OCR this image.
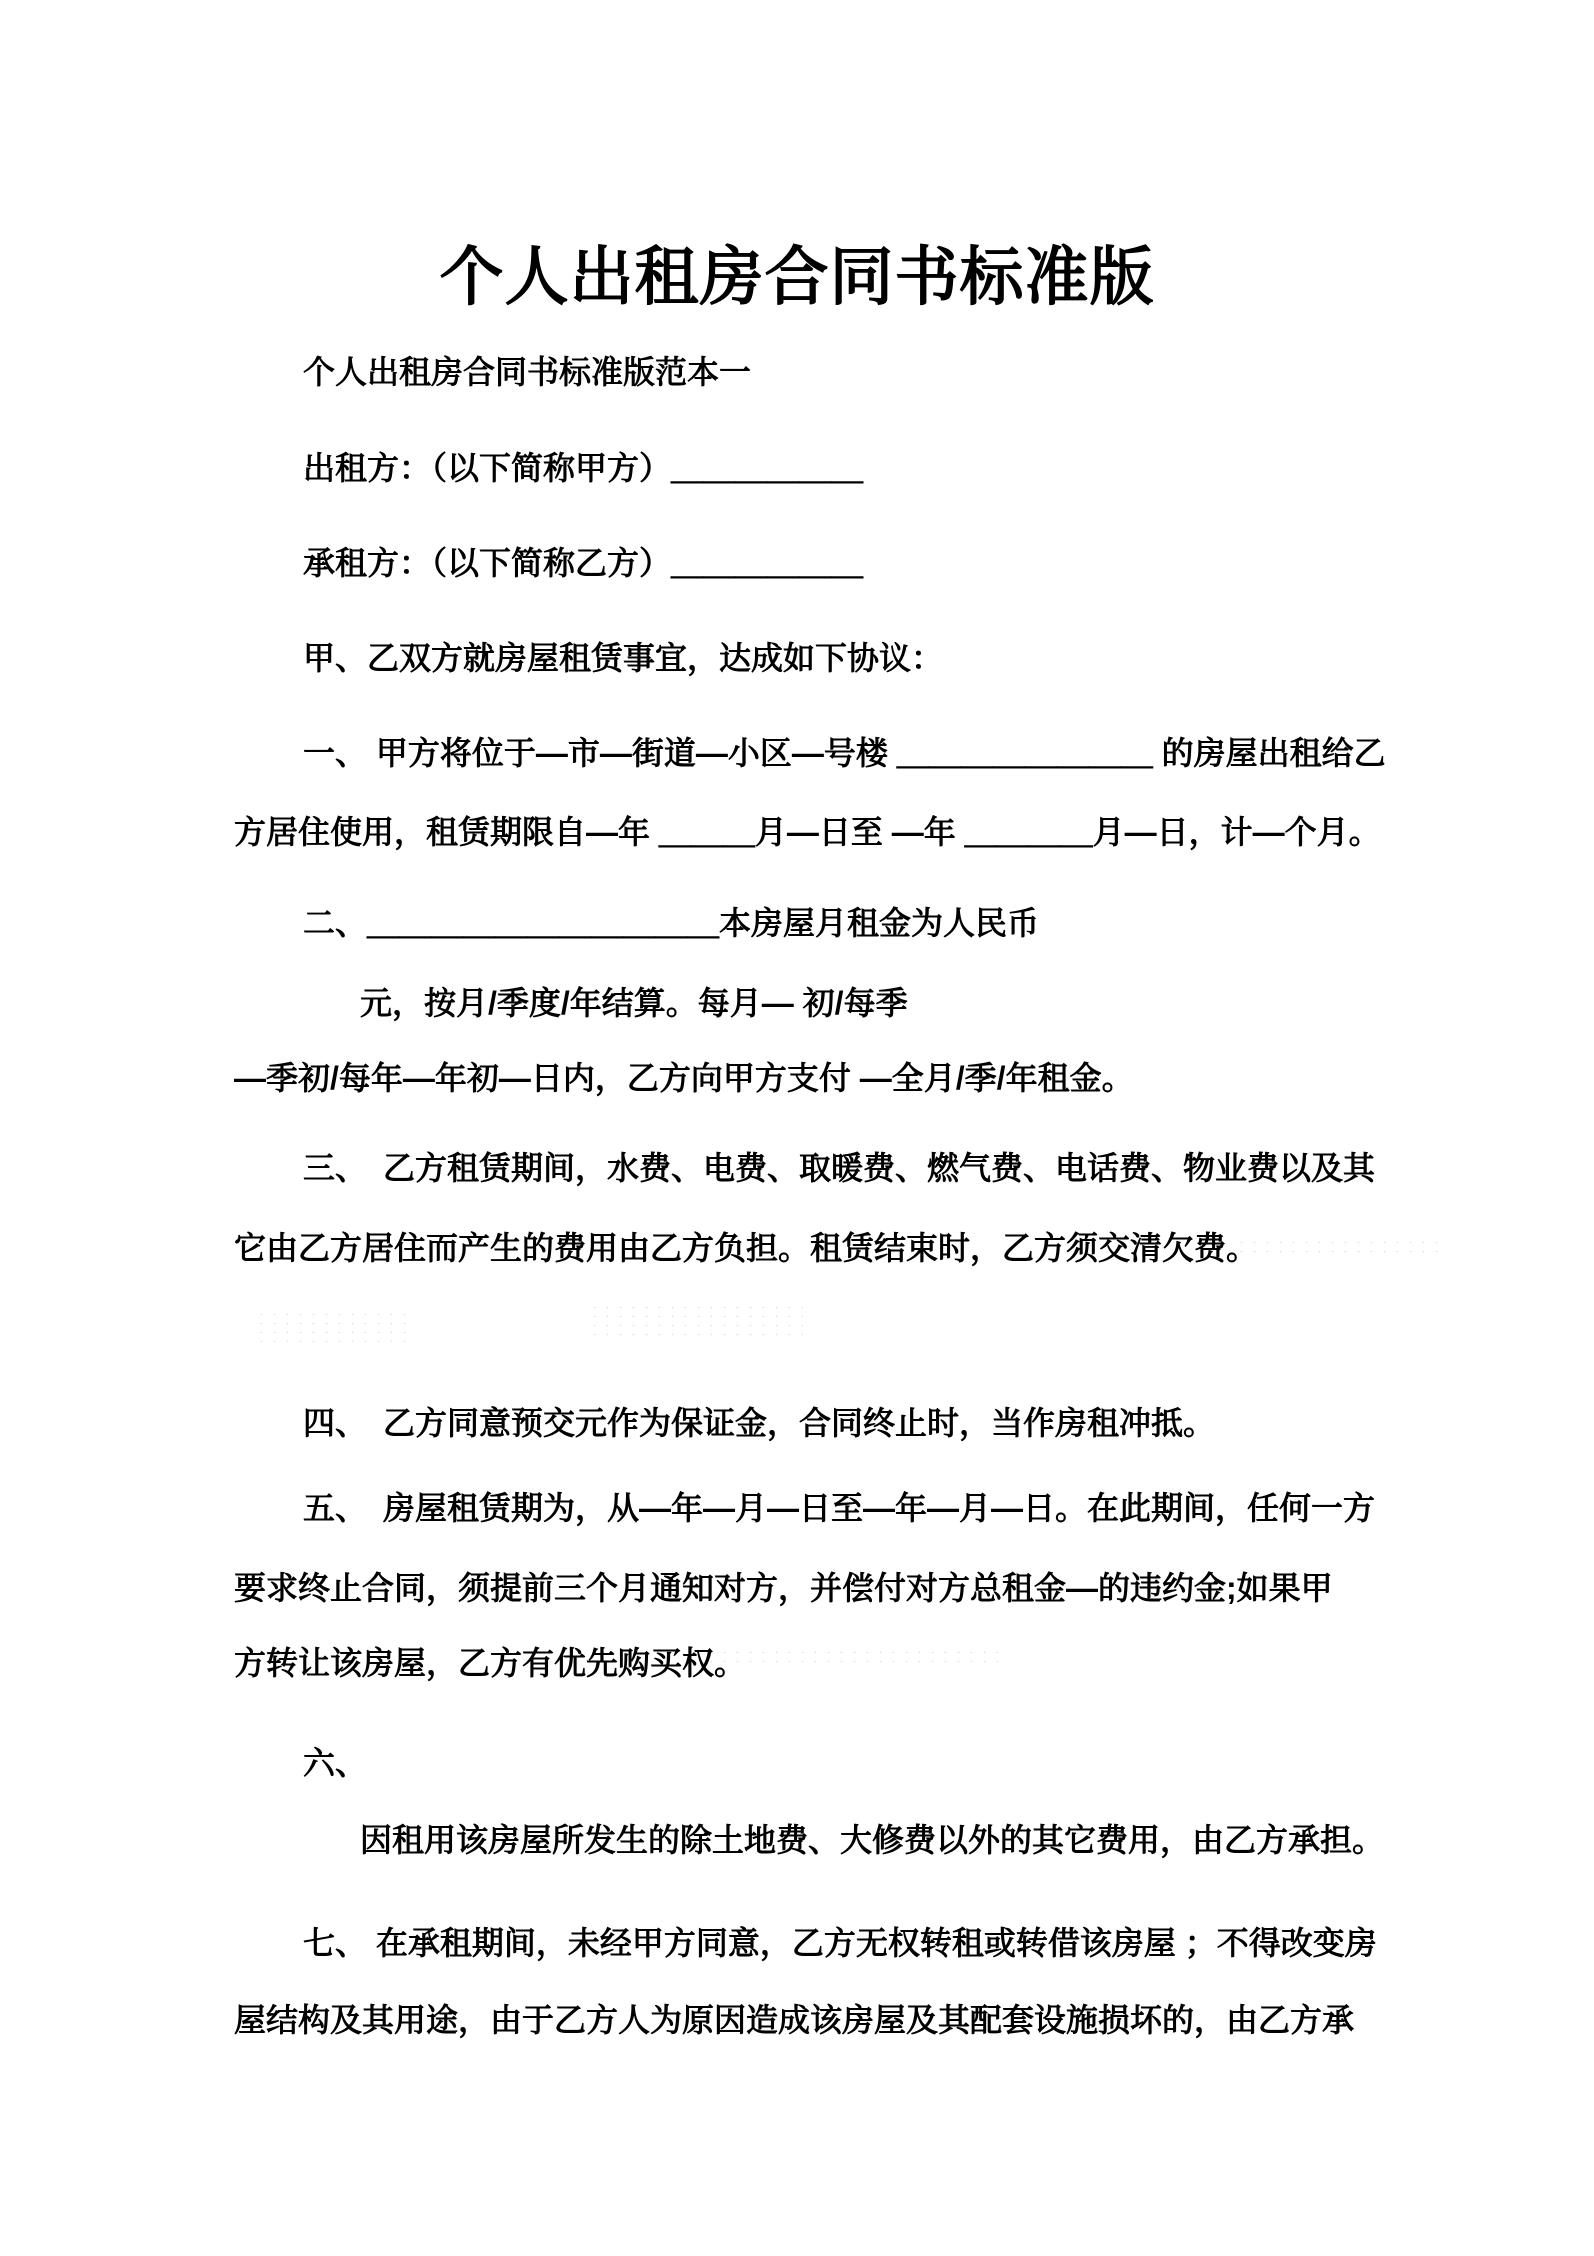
个人出租房合同书标准版
个人出租房合同书标准版范本一
出租方：（以下简称甲方）＿＿＿＿＿＿
承租方：（以下简称乙方）＿＿＿＿＿＿
甲、乙双方就房屋租赁事宜，达成如下协议：
一、 甲方将位于—市—街道—小区—号楼 ＿＿＿＿＿＿＿＿ 的房屋出租给乙
方居住使用，租赁期限自—年 ＿＿＿月—日至 —年 ＿＿＿＿月—日，计—个月。
二、＿＿＿＿＿＿＿＿＿＿＿本房屋月租金为人民币
元，按月/季度/年结算。每月— 初/每季
—季初/每年—年初—日内，乙方向甲方支付 —全月/季/年租金。
三、　乙方租赁期间，水费、电费、取暖费、燃气费、电话费、物业费以及其
它由乙方居住而产生的费用由乙方负担。租赁结束时，乙方须交清欠费。
四、　乙方同意预交元作为保证金，合同终止时，当作房租冲抵。
五、　房屋租赁期为，从—年—月—日至—年—月—日。在此期间，任何一方
要求终止合同，须提前三个月通知对方，并偿付对方总租金—的违约金;如果甲
方转让该房屋，乙方有优先购买权。
六、
因租用该房屋所发生的除土地费、大修费以外的其它费用，由乙方承担。
七、 在承租期间，未经甲方同意，乙方无权转租或转借该房屋 ；不得改变房
屋结构及其用途，由于乙方人为原因造成该房屋及其配套设施损坏的，由乙方承
